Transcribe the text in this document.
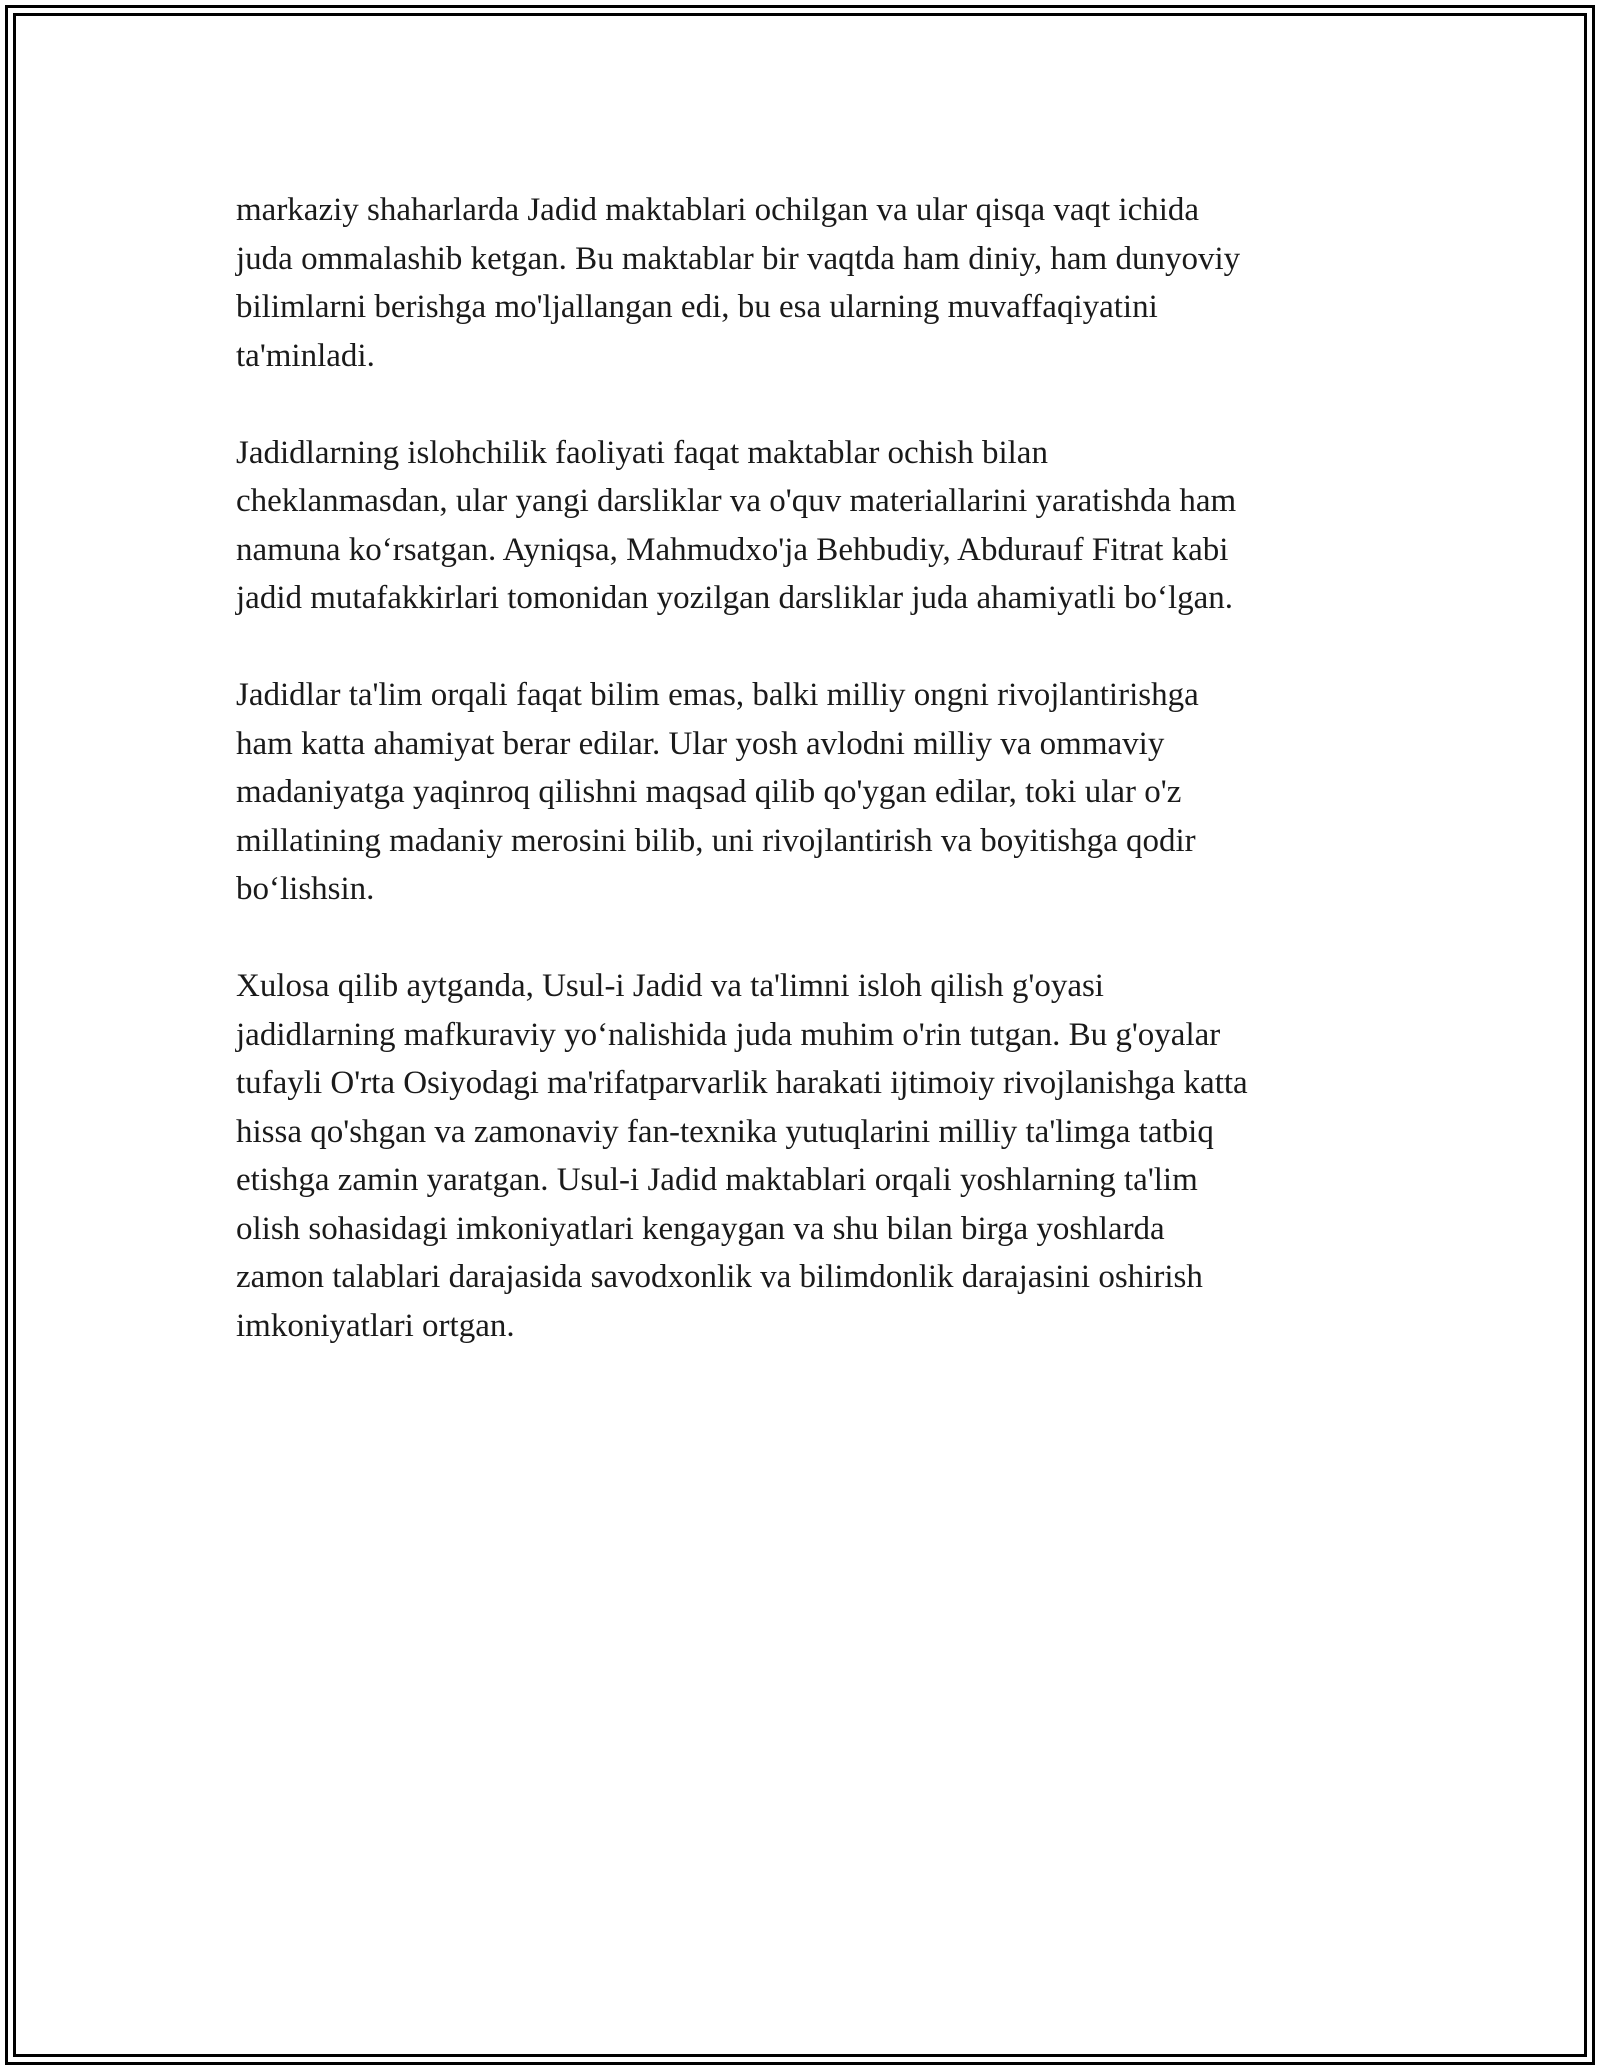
markaziy shaharlarda Jadid maktablari ochilgan va ular qisqa vaqt ichida
juda ommalashib ketgan. Bu maktablar bir vaqtda ham diniy, ham dunyoviy
bilimlarni berishga mo'ljallangan edi, bu esa ularning muvaffaqiyatini
ta'minladi.

Jadidlarning islohchilik faoliyati faqat maktablar ochish bilan
cheklanmasdan, ular yangi darsliklar va o'quv materiallarini yaratishda ham
namuna koʻrsatgan. Ayniqsa, Mahmudxo'ja Behbudiy, Abdurauf Fitrat kabi
jadid mutafakkirlari tomonidan yozilgan darsliklar juda ahamiyatli boʻlgan.

Jadidlar ta'lim orqali faqat bilim emas, balki milliy ongni rivojlantirishga
ham katta ahamiyat berar edilar. Ular yosh avlodni milliy va ommaviy
madaniyatga yaqinroq qilishni maqsad qilib qo'ygan edilar, toki ular o'z
millatining madaniy merosini bilib, uni rivojlantirish va boyitishga qodir
boʻlishsin.

Xulosa qilib aytganda, Usul-i Jadid va ta'limni isloh qilish g'oyasi
jadidlarning mafkuraviy yoʻnalishida juda muhim o'rin tutgan. Bu g'oyalar
tufayli O'rta Osiyodagi ma'rifatparvarlik harakati ijtimoiy rivojlanishga katta
hissa qo'shgan va zamonaviy fan-texnika yutuqlarini milliy ta'limga tatbiq
etishga zamin yaratgan. Usul-i Jadid maktablari orqali yoshlarning ta'lim
olish sohasidagi imkoniyatlari kengaygan va shu bilan birga yoshlarda
zamon talablari darajasida savodxonlik va bilimdonlik darajasini oshirish
imkoniyatlari ortgan.
